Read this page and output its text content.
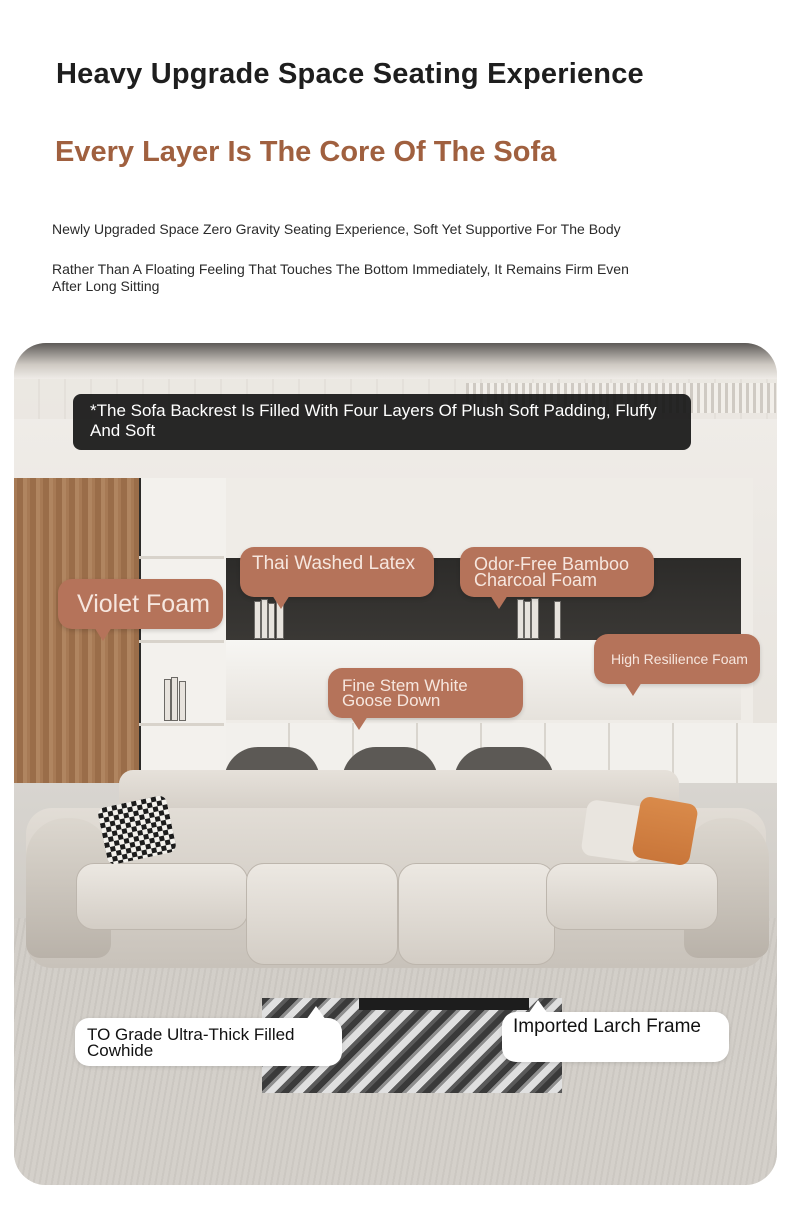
Heavy Upgrade Space Seating Experience
Every Layer Is The Core Of The Sofa

Newly Upgraded Space Zero Gravity Seating Experience, Soft Yet Supportive For The Body

Rather Than A Floating Feeling That Touches The Bottom Immediately, It Remains Firm Even After Long Sitting

*The Sofa Backrest Is Filled With Four Layers Of Plush Soft Padding, Fluffy And Soft
Violet Foam
Thai Washed Latex	Odor-Free Bamboo Charcoal Foam
High Resilience Foam
Fine Stem White Goose Down
TO Grade Ultra-Thick Filled Cowhide
Imported Larch Frame
